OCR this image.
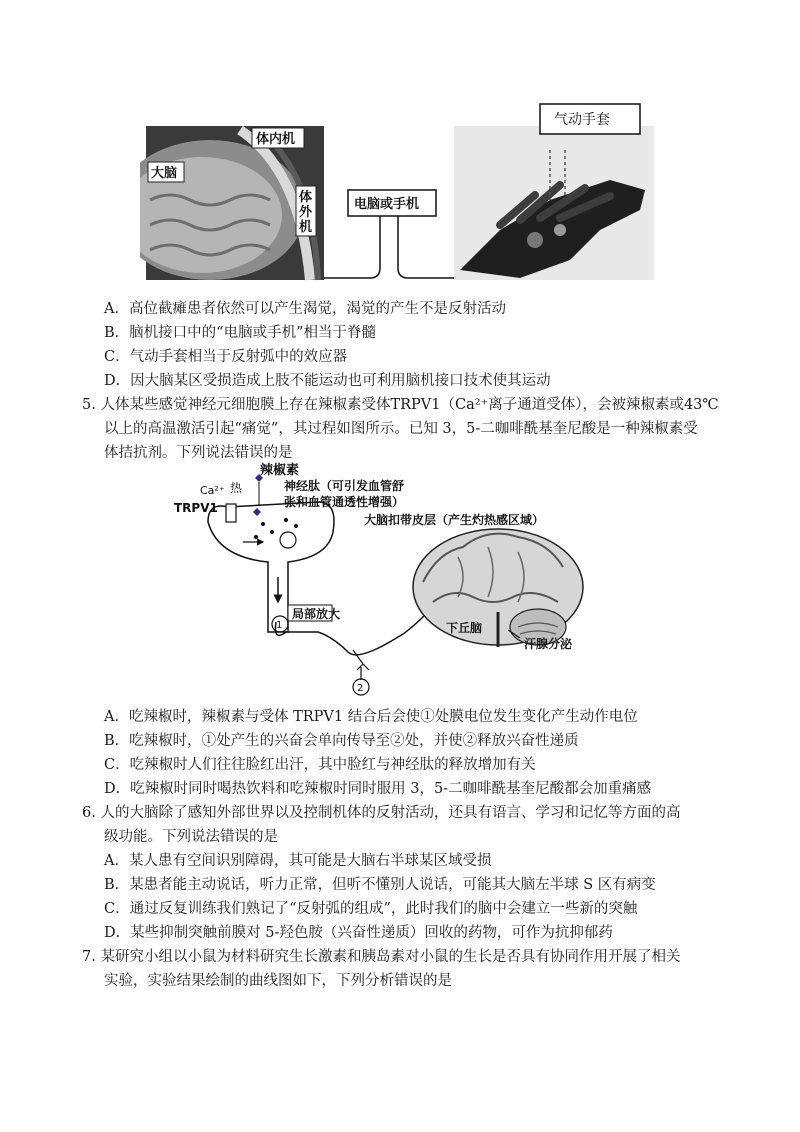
体内机
大脑
体外机
电脑或手机
气动手套
A．高位截瘫患者依然可以产生渴觉，渴觉的产生不是反射活动
B．脑机接口中的“电脑或手机”相当于脊髓
C．气动手套相当于反射弧中的效应器
D．因大脑某区受损造成上肢不能运动也可利用脑机接口技术使其运动
5. 人体某些感觉神经元细胞膜上存在辣椒素受体TRPV1（Ca²⁺离子通道受体），会被辣椒素或43℃
以上的高温激活引起“痛觉”，其过程如图所示。已知 3，5-二咖啡酰基奎尼酸是一种辣椒素受
体拮抗剂。下列说法错误的是
辣椒素
热
Ca²⁺
TRPV1
神经肽（可引发血管舒
张和血管通透性增强）
大脑扣带皮层（产生灼热感区域）
1
局部放大
2
下丘脑
汗腺分泌
A．吃辣椒时，辣椒素与受体 TRPV1 结合后会使①处膜电位发生变化产生动作电位
B．吃辣椒时，①处产生的兴奋会单向传导至②处，并使②释放兴奋性递质
C．吃辣椒时人们往往脸红出汗，其中脸红与神经肽的释放增加有关
D．吃辣椒时同时喝热饮料和吃辣椒时同时服用 3，5-二咖啡酰基奎尼酸都会加重痛感
6. 人的大脑除了感知外部世界以及控制机体的反射活动，还具有语言、学习和记忆等方面的高
级功能。下列说法错误的是
A．某人患有空间识别障碍，其可能是大脑右半球某区域受损
B．某患者能主动说话，听力正常，但听不懂别人说话，可能其大脑左半球 S 区有病变
C．通过反复训练我们熟记了“反射弧的组成”，此时我们的脑中会建立一些新的突触
D．某些抑制突触前膜对 5-羟色胺（兴奋性递质）回收的药物，可作为抗抑郁药
7. 某研究小组以小鼠为材料研究生长激素和胰岛素对小鼠的生长是否具有协同作用开展了相关
实验，实验结果绘制的曲线图如下，下列分析错误的是
